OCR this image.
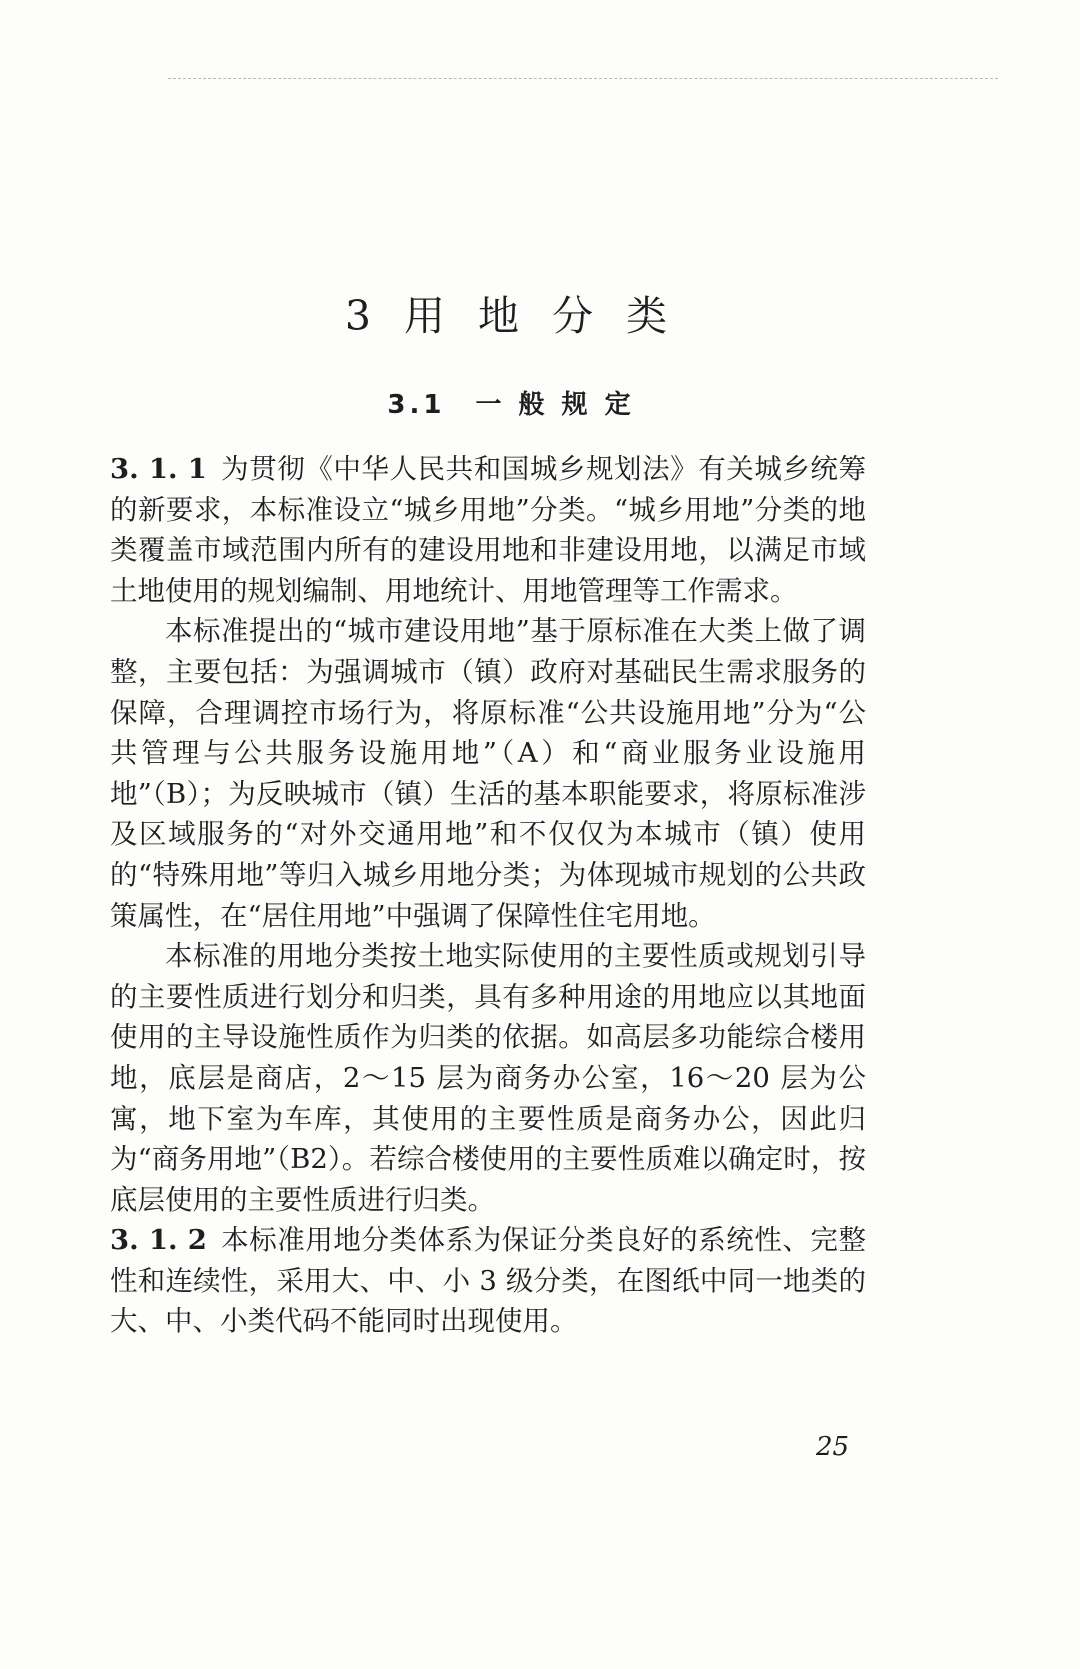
3 用 地 分 类
3.1　一 般 规 定

3. 1. 1 为贯彻《中华人民共和国城乡规划法》有关城乡统筹的新要求，本标准设立“城乡用地”分类。“城乡用地”分类的地类覆盖市域范围内所有的建设用地和非建设用地，以满足市域土地使用的规划编制、用地统计、用地管理等工作需求。

本标准提出的“城市建设用地”基于原标准在大类上做了调整，主要包括：为强调城市（镇）政府对基础民生需求服务的保障，合理调控市场行为，将原标准“公共设施用地”分为“公共管理与公共服务设施用地”（A）和“商业服务业设施用地”（B）；为反映城市（镇）生活的基本职能要求，将原标准涉及区域服务的“对外交通用地”和不仅仅为本城市（镇）使用的“特殊用地”等归入城乡用地分类；为体现城市规划的公共政策属性，在“居住用地”中强调了保障性住宅用地。

本标准的用地分类按土地实际使用的主要性质或规划引导的主要性质进行划分和归类，具有多种用途的用地应以其地面使用的主导设施性质作为归类的依据。如高层多功能综合楼用地，底层是商店，2～15 层为商务办公室，16～20 层为公寓，地下室为车库，其使用的主要性质是商务办公，因此归为“商务用地”（B2）。若综合楼使用的主要性质难以确定时，按底层使用的主要性质进行归类。

3. 1. 2 本标准用地分类体系为保证分类良好的系统性、完整性和连续性，采用大、中、小 3 级分类，在图纸中同一地类的大、中、小类代码不能同时出现使用。

25
